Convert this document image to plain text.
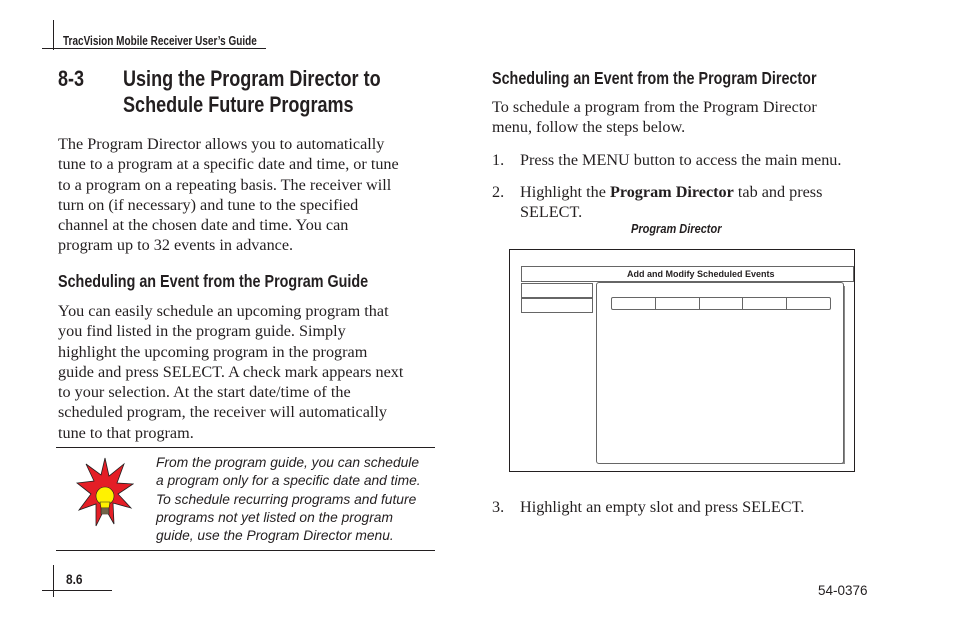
TracVision Mobile Receiver User’s Guide
8-3 Using the Program Director to
Schedule Future Programs
The Program Director allows you to automatically
tune to a program at a specific date and time, or tune
to a program on a repeating basis. The receiver will
turn on (if necessary) and tune to the specified
channel at the chosen date and time. You can
program up to 32 events in advance.
Scheduling an Event from the Program Guide
You can easily schedule an upcoming program that
you find listed in the program guide. Simply
highlight the upcoming program in the program
guide and press SELECT. A check mark appears next
to your selection. At the start date/time of the
scheduled program, the receiver will automatically
tune to that program.
From the program guide, you can schedule
a program only for a specific date and time.
To schedule recurring programs and future
programs not yet listed on the program
guide, use the Program Director menu.
Scheduling an Event from the Program Director
To schedule a program from the Program Director
menu, follow the steps below.
1. Press the MENU button to access the main menu.
2. Highlight the Program Director tab and press
SELECT.
Program Director
Add and Modify Scheduled Events
3. Highlight an empty slot and press SELECT.
8.6
54-0376
